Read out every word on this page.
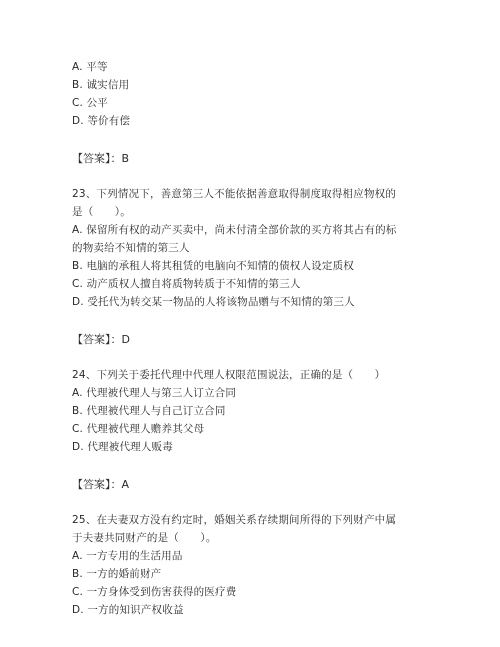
A. 平等
B. 诚实信用
C. 公平
D. 等价有偿
【答案】：B
23、下列情况下，善意第三人不能依据善意取得制度取得相应物权的
是（　　）。
A. 保留所有权的动产买卖中，尚未付清全部价款的买方将其占有的标
的物卖给不知情的第三人
B. 电脑的承租人将其租赁的电脑向不知情的债权人设定质权
C. 动产质权人擅自将质物转质于不知情的第三人
D. 受托代为转交某一物品的人将该物品赠与不知情的第三人
【答案】：D
24、下列关于委托代理中代理人权限范围说法，正确的是（　　）
A. 代理被代理人与第三人订立合同
B. 代理被代理人与自己订立合同
C. 代理被代理人赡养其父母
D. 代理被代理人贩毒
【答案】：A
25、在夫妻双方没有约定时，婚姻关系存续期间所得的下列财产中属
于夫妻共同财产的是（　　）。
A. 一方专用的生活用品
B. 一方的婚前财产
C. 一方身体受到伤害获得的医疗费
D. 一方的知识产权收益
